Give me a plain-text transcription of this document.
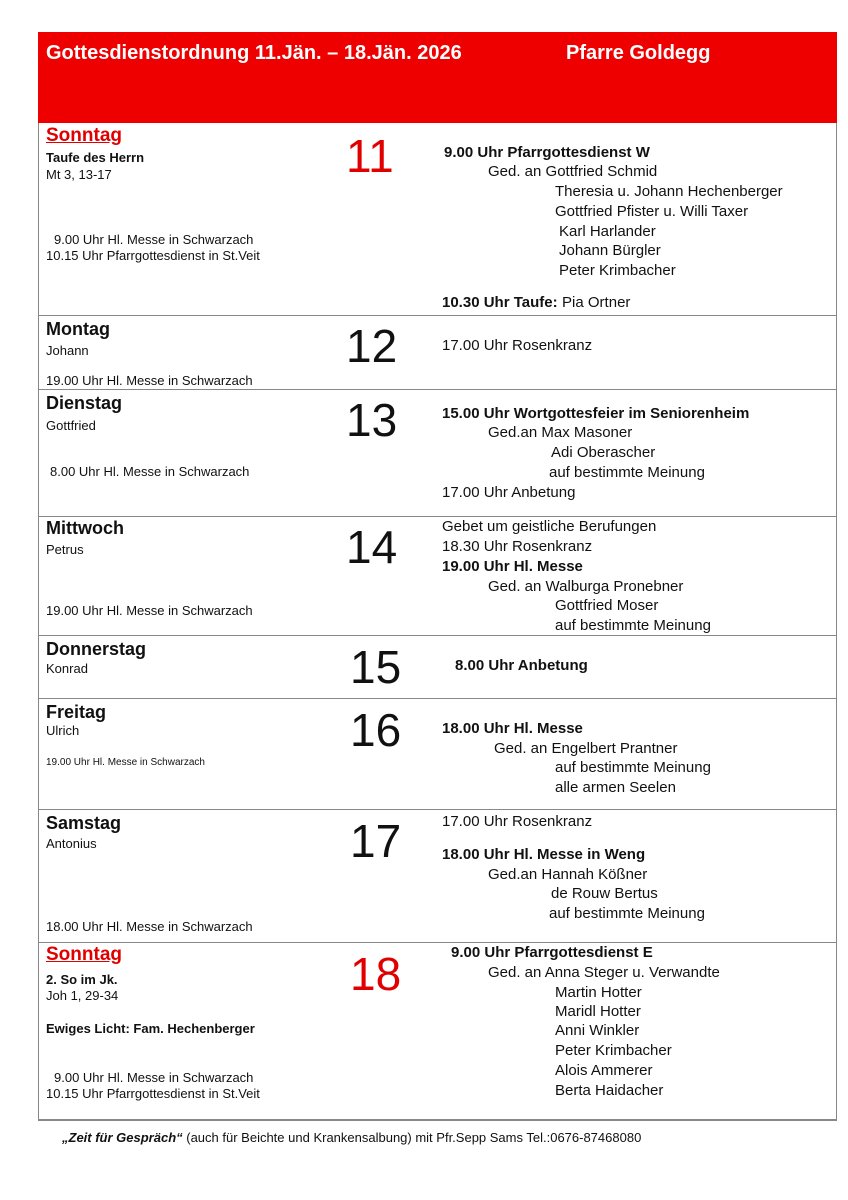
Gottesdienstordnung 11.Jän. – 18.Jän. 2026	Pfarre Goldegg
Sonntag
Taufe des Herrn
Mt 3, 13-17
9.00 Uhr Hl. Messe in Schwarzach
10.15 Uhr Pfarrgottesdienst in St.Veit
11	9.00 Uhr Pfarrgottesdienst W
Ged. an Gottfried Schmid
Theresia u. Johann Hechenberger
Gottfried Pfister u. Willi Taxer
Karl Harlander
Johann Bürgler
Peter Krimbacher
10.30 Uhr Taufe: Pia Ortner
Montag
Johann
19.00 Uhr Hl. Messe in Schwarzach
12	17.00 Uhr Rosenkranz
Dienstag
Gottfried
8.00 Uhr Hl. Messe in Schwarzach
13	15.00 Uhr Wortgottesfeier im Seniorenheim
Ged.an Max Masoner
Adi Oberascher
auf bestimmte Meinung
17.00 Uhr Anbetung
Mittwoch
Petrus
19.00 Uhr Hl. Messe in Schwarzach
14	Gebet um geistliche Berufungen
18.30 Uhr Rosenkranz
19.00 Uhr Hl. Messe
Ged. an Walburga Pronebner
Gottfried Moser
auf bestimmte Meinung
Donnerstag
Konrad	15	8.00 Uhr Anbetung
Freitag
Ulrich
19.00 Uhr Hl. Messe in Schwarzach
16	18.00 Uhr Hl. Messe
Ged. an Engelbert Prantner
auf bestimmte Meinung
alle armen Seelen
Samstag
Antonius
18.00 Uhr Hl. Messe in Schwarzach
17	17.00 Uhr Rosenkranz
18.00 Uhr Hl. Messe in Weng
Ged.an Hannah Kößner
de Rouw Bertus
auf bestimmte Meinung
Sonntag
2. So im Jk.
Joh 1, 29-34
Ewiges Licht: Fam. Hechenberger
9.00 Uhr Hl. Messe in Schwarzach
10.15 Uhr Pfarrgottesdienst in St.Veit
18	9.00 Uhr Pfarrgottesdienst E
Ged. an Anna Steger u. Verwandte
Martin Hotter
Maridl Hotter
Anni Winkler
Peter Krimbacher
Alois Ammerer
Berta Haidacher
„Zeit für Gespräch“ (auch für Beichte und Krankensalbung) mit Pfr.Sepp Sams Tel.:0676-87468080
